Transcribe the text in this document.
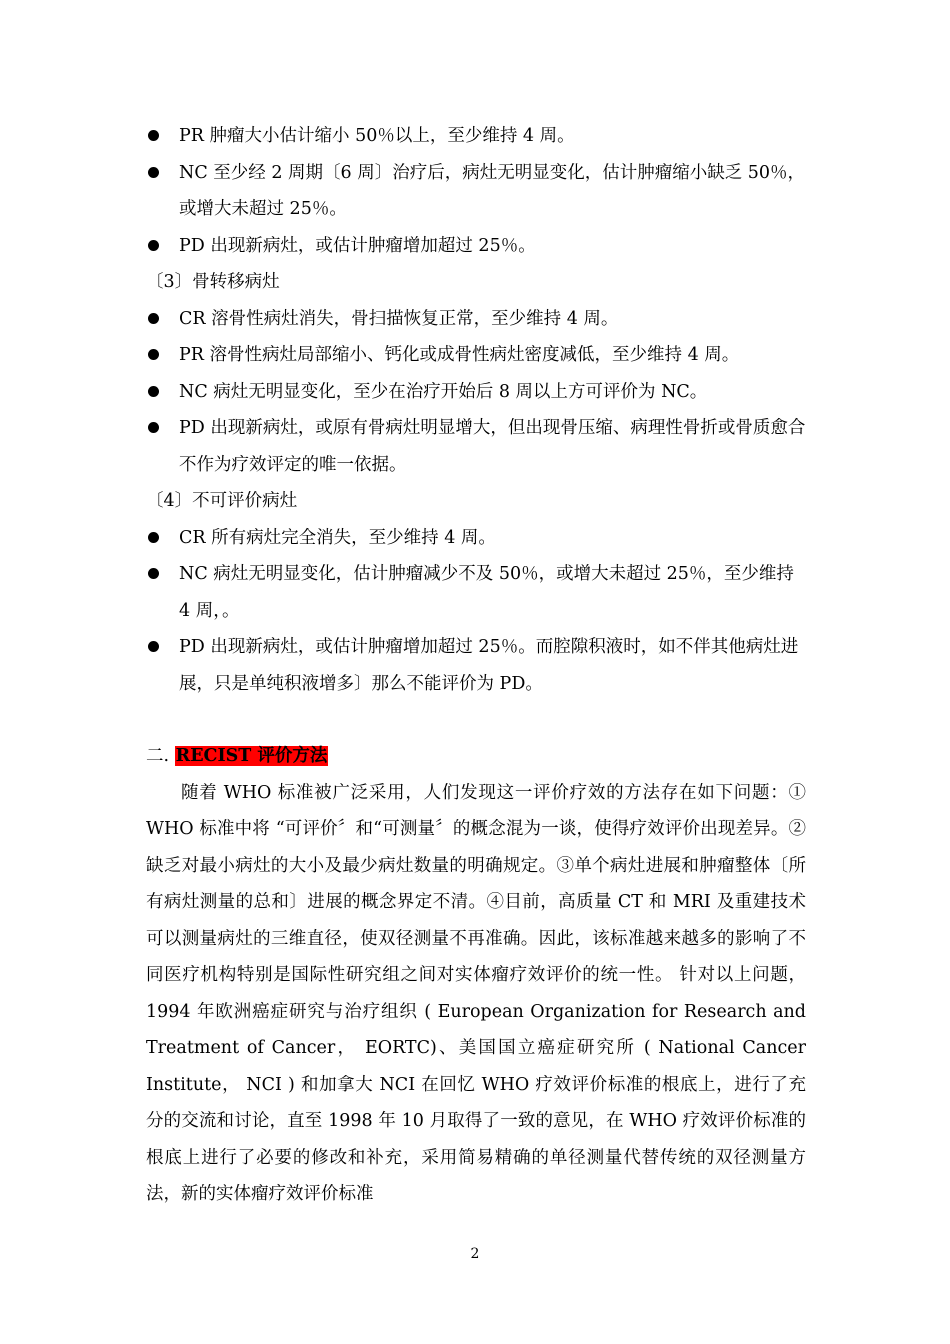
PR 肿瘤大小估计缩小 50％以上，至少维持 4 周。
NC 至少经 2 周期〔6 周〕治疗后，病灶无明显变化，估计肿瘤缩小缺乏 50％，或增大未超过 25％。
PD 出现新病灶，或估计肿瘤增加超过 25％。
〔3〕骨转移病灶
CR 溶骨性病灶消失，骨扫描恢复正常，至少维持 4 周。
PR 溶骨性病灶局部缩小、钙化或成骨性病灶密度减低，至少维持 4 周。
NC 病灶无明显变化，至少在治疗开始后 8 周以上方可评价为 NC。
PD 出现新病灶，或原有骨病灶明显增大，但出现骨压缩、病理性骨折或骨质愈合不作为疗效评定的唯一依据。
〔4〕不可评价病灶
CR 所有病灶完全消失，至少维持 4 周。
NC 病灶无明显变化，估计肿瘤减少不及 50％，或增大未超过 25％，至少维持 4 周，。
PD 出现新病灶，或估计肿瘤增加超过 25％。而腔隙积液时，如不伴其他病灶进展，只是单纯积液增多〕那么不能评价为 PD。
二. RECIST 评价方法
随着 WHO 标准被广泛采用，人们发现这一评价疗效的方法存在如下问题：① WHO 标准中将 “可评价〞和“可测量〞的概念混为一谈，使得疗效评价出现差异。②缺乏对最小病灶的大小及最少病灶数量的明确规定。③单个病灶进展和肿瘤整体〔所有病灶测量的总和〕进展的概念界定不清。④目前，高质量 CT 和 MRI 及重建技术可以测量病灶的三维直径，使双径测量不再准确。因此，该标准越来越多的影响了不同医疗机构特别是国际性研究组之间对实体瘤疗效评价的统一性。 针对以上问题，1994 年欧洲癌症研究与治疗组织 ( European Organization for Research and Treatment of Cancer， EORTC)、美国国立癌症研究所 ( National Cancer Institute， NCI ) 和加拿大 NCI 在回忆 WHO 疗效评价标准的根底上，进行了充分的交流和讨论，直至 1998 年 10 月取得了一致的意见，在 WHO 疗效评价标准的根底上进行了必要的修改和补充，采用简易精确的单径测量代替传统的双径测量方法，新的实体瘤疗效评价标准
2
